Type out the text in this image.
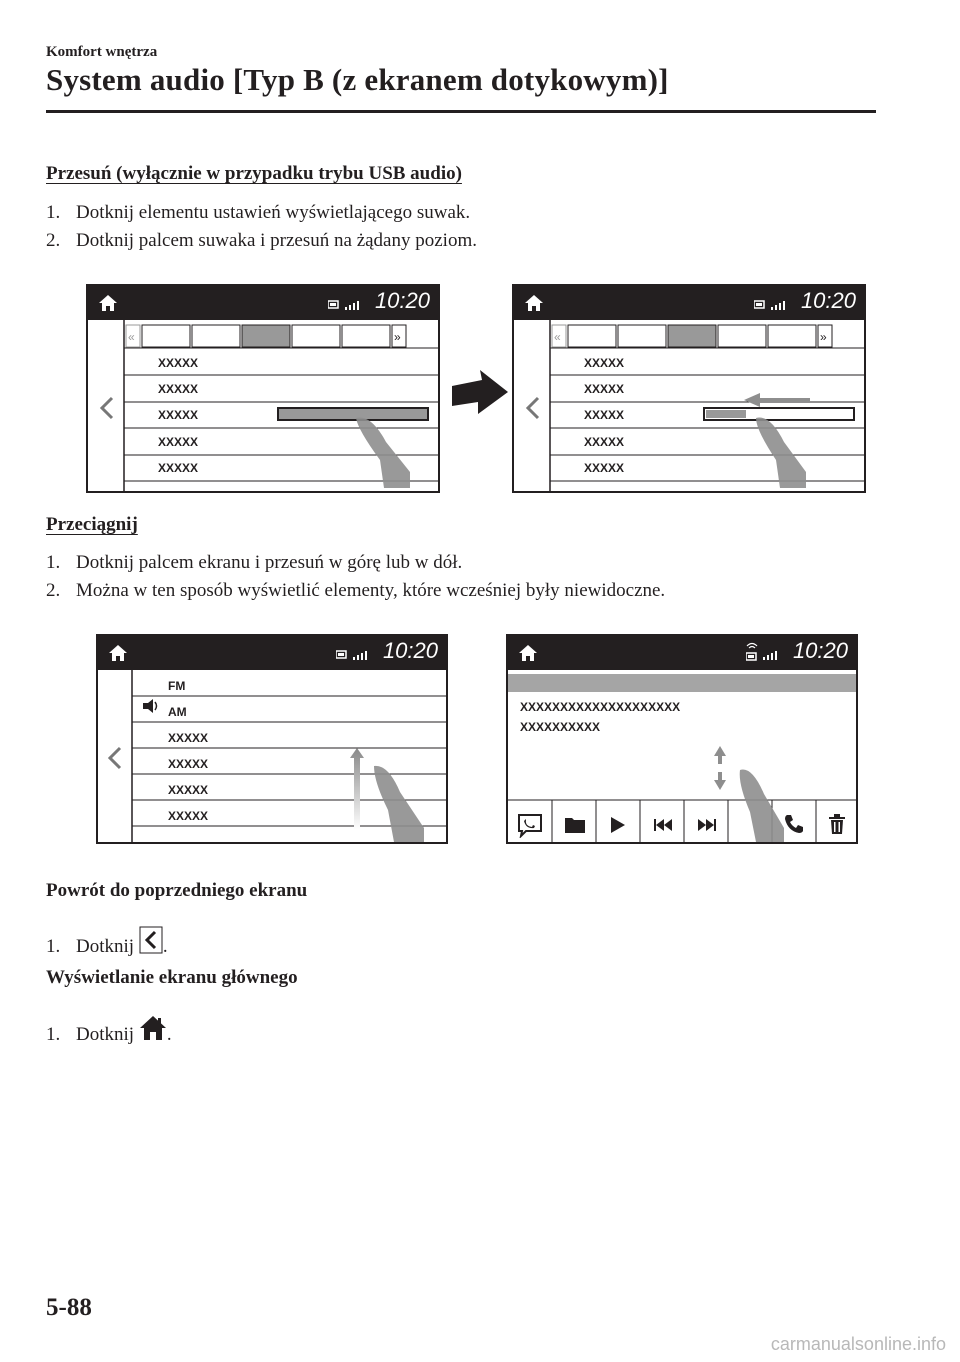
Komfort wnętrza
System audio [Typ B (z ekranem dotykowym)]
Przesuń (wyłącznie w przypadku trybu USB audio)
1. Dotknij elementu ustawień wyświetlającego suwak.
2. Dotknij palcem suwaka i przesuń na żądany poziom.
10:20
«	»
XXXXX
XXXXX
XXXXX
XXXXX
XXXXX
10:20
«	»
XXXXX
XXXXX
XXXXX
XXXXX
XXXXX
Przeciągnij
1. Dotknij palcem ekranu i przesuń w górę lub w dół.
2. Można w ten sposób wyświetlić elementy, które wcześniej były niewidoczne.
10:20
FM
AM
XXXXX
XXXXX
XXXXX
XXXXX
10:20
XXXXXXXXXXXXXXXXXXXX
XXXXXXXXXX
Powrót do poprzedniego ekranu
1. Dotknij .
Wyświetlanie ekranu głównego
1. Dotknij .
5-88
carmanualsonline.info
